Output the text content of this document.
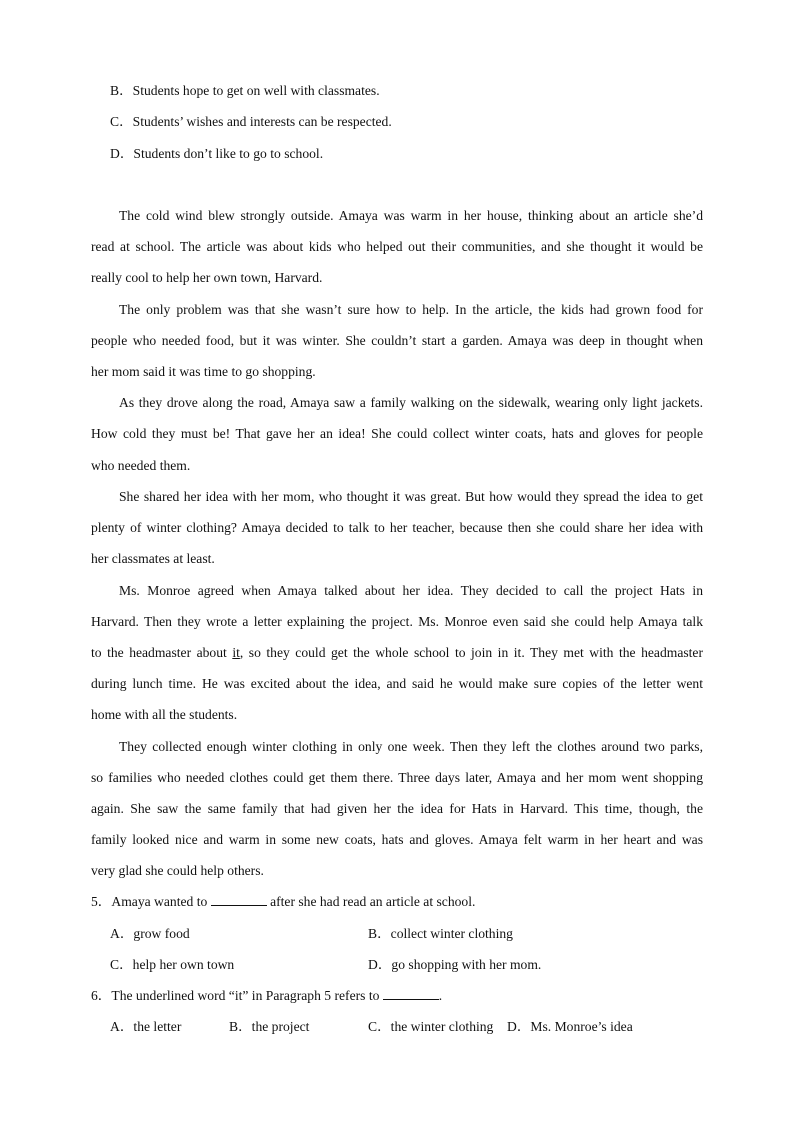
B．Students hope to get on well with classmates.
C．Students’ wishes and interests can be respected.
D．Students don’t like to go to school.
The cold wind blew strongly outside. Amaya was warm in her house, thinking about an article she’d
read at school. The article was about kids who helped out their communities, and she thought it would be
really cool to help her own town, Harvard.
The only problem was that she wasn’t sure how to help. In the article, the kids had grown food for
people who needed food, but it was winter. She couldn’t start a garden. Amaya was deep in thought when
her mom said it was time to go shopping.
As they drove along the road, Amaya saw a family walking on the sidewalk, wearing only light jackets.
How cold they must be! That gave her an idea! She could collect winter coats, hats and gloves for people
who needed them.
She shared her idea with her mom, who thought it was great. But how would they spread the idea to get
plenty of winter clothing? Amaya decided to talk to her teacher, because then she could share her idea with
her classmates at least.
Ms. Monroe agreed when Amaya talked about her idea. They decided to call the project Hats in
Harvard. Then they wrote a letter explaining the project. Ms. Monroe even said she could help Amaya talk
to the headmaster about it, so they could get the whole school to join in it. They met with the headmaster
during lunch time. He was excited about the idea, and said he would make sure copies of the letter went
home with all the students.
They collected enough winter clothing in only one week. Then they left the clothes around two parks,
so families who needed clothes could get them there. Three days later, Amaya and her mom went shopping
again. She saw the same family that had given her the idea for Hats in Harvard. This time, though, the
family looked nice and warm in some new coats, hats and gloves. Amaya felt warm in her heart and was
very glad she could help others.
5．Amaya wanted to	after she had read an article at school.
A．grow food	B．collect winter clothing
C．help her own town	D．go shopping with her mom.
6．The underlined word “it” in Paragraph 5 refers to	.
A．the letter	B．the project	C．the winter clothing D．Ms. Monroe’s idea
